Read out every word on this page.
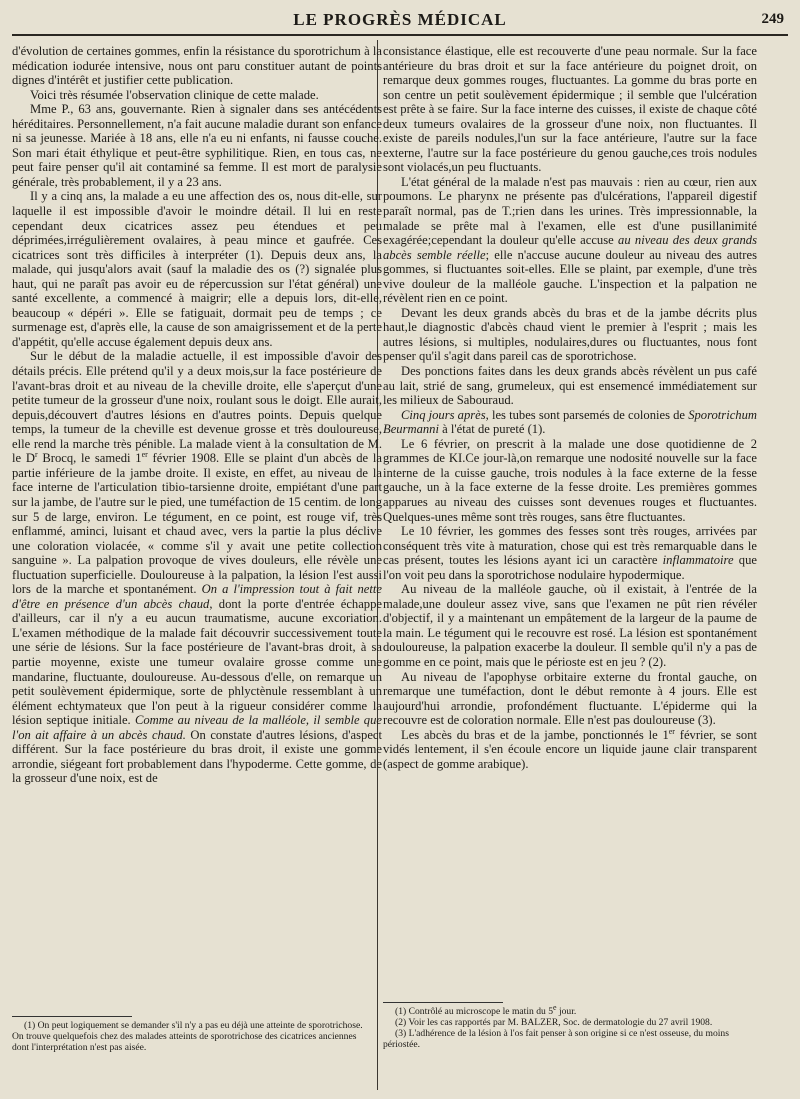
LE PROGRÈS MÉDICAL	249

d'évolution de certaines gommes, enfin la résistance du sporotrichum à la médication iodurée intensive, nous ont paru constituer autant de points dignes d'intérêt et justifier cette publication.

Voici très résumée l'observation clinique de cette malade.

Mme P., 63 ans, gouvernante. Rien à signaler dans ses antécédents héréditaires. Personnellement, n'a fait aucune maladie durant son enfance ni sa jeunesse. Mariée à 18 ans, elle n'a eu ni enfants, ni fausse couche. Son mari était éthylique et peut-être syphilitique. Rien, en tous cas, ne peut faire penser qu'il ait contaminé sa femme. Il est mort de paralysie générale, très probablement, il y a 23 ans.

Il y a cinq ans, la malade a eu une affection des os, nous dit-elle, sur laquelle il est impossible d'avoir le moindre détail. Il lui en reste cependant deux cicatrices assez peu étendues et peu déprimées,irrégulièrement ovalaires, à peau mince et gaufrée. Ces cicatrices sont très difficiles à interpréter (1). Depuis deux ans, la malade, qui jusqu'alors avait (sauf la maladie des os (?) signalée plus haut, qui ne paraît pas avoir eu de répercussion sur l'état général) une santé excellente, a commencé à maigrir; elle a depuis lors, dit-elle, beaucoup « dépéri ». Elle se fatiguait, dormait peu de temps ; ce surmenage est, d'après elle, la cause de son amaigrissement et de la perte d'appétit, qu'elle accuse également depuis deux ans.

Sur le début de la maladie actuelle, il est impossible d'avoir des détails précis. Elle prétend qu'il y a deux mois,sur la face postérieure de l'avant-bras droit et au niveau de la cheville droite, elle s'aperçut d'une petite tumeur de la grosseur d'une noix, roulant sous le doigt. Elle aurait, depuis,découvert d'autres lésions en d'autres points. Depuis quelque temps, la tumeur de la cheville est devenue grosse et très douloureuse, elle rend la marche très pénible. La malade vient à la consultation de M. le $D^r$ Brocq, le samedi 1er février 1908. Elle se plaint d'un abcès de la partie inférieure de la jambe droite. Il existe, en effet, au niveau de la face interne de l'articulation tibio-tarsienne droite, empiétant d'une part sur la jambe, de l'autre sur le pied, une tuméfaction de 15 centim. de long sur 5 de large, environ. Le tégument, en ce point, est rouge vif, très enflammé, aminci, luisant et chaud avec, vers la partie la plus déclive une coloration violacée, « comme s'il y avait une petite collection sanguine ». La palpation provoque de vives douleurs, elle révèle une fluctuation superficielle. Douloureuse à la palpation, la lésion l'est aussi lors de la marche et spontanément. On a l'impression tout à fait nette d'être en présence d'un abcès chaud, dont la porte d'entrée échappe d'ailleurs, car il n'y a eu aucun traumatisme, aucune excoriation. L'examen méthodique de la malade fait découvrir successivement toute une série de lésions. Sur la face postérieure de l'avant-bras droit, à sa partie moyenne, existe une tumeur ovalaire grosse comme une mandarine, fluctuante, douloureuse. Au-dessous d'elle, on remarque un petit soulèvement épidermique, sorte de phlyctènule ressemblant à un élément echtymateux que l'on peut à la rigueur considérer comme la lésion septique initiale. Comme au niveau de la malléole, il semble que l'on ait affaire à un abcès chaud. On constate d'autres lésions, d'aspect différent. Sur la face postérieure du bras droit, il existe une gomme arrondie, siégeant fort probablement dans l'hypoderme. Cette gomme, de la grosseur d'une noix, est de

(1) On peut logiquement se demander s'il n'y a pas eu déjà une atteinte de sporotrichose. On trouve quelquefois chez des malades atteints de sporotrichose des cicatrices anciennes dont l'interprétation n'est pas aisée.

consistance élastique, elle est recouverte d'une peau normale. Sur la face antérieure du bras droit et sur la face antérieure du poignet droit, on remarque deux gommes rouges, fluctuantes. La gomme du bras porte en son centre un petit soulèvement épidermique ; il semble que l'ulcération est prête à se faire. Sur la face interne des cuisses, il existe de chaque côté deux tumeurs ovalaires de la grosseur d'une noix, non fluctuantes. Il existe de pareils nodules,l'un sur la face antérieure, l'autre sur la face externe, l'autre sur la face postérieure du genou gauche,ces trois nodules sont violacés,un peu fluctuants.

L'état général de la malade n'est pas mauvais : rien au cœur, rien aux poumons. Le pharynx ne présente pas d'ulcérations, l'appareil digestif paraît normal, pas de T.;rien dans les urines. Très impressionnable, la malade se prête mal à l'examen, elle est d'une pusillanimité exagérée;cependant la douleur qu'elle accuse au niveau des deux grands abcès semble réelle; elle n'accuse aucune douleur au niveau des autres gommes, si fluctuantes soit-elles. Elle se plaint, par exemple, d'une très vive douleur de la malléole gauche. L'inspection et la palpation ne révèlent rien en ce point.

Devant les deux grands abcès du bras et de la jambe décrits plus haut,le diagnostic d'abcès chaud vient le premier à l'esprit ; mais les autres lésions, si multiples, nodulaires,dures ou fluctuantes, nous font penser qu'il s'agit dans pareil cas de sporotrichose.

Des ponctions faites dans les deux grands abcès révèlent un pus café au lait, strié de sang, grumeleux, qui est ensemencé immédiatement sur les milieux de Sabouraud.

Cinq jours après, les tubes sont parsemés de colonies de Sporotrichum Beurmanni à l'état de pureté (1).

Le 6 février, on prescrit à la malade une dose quotidienne de 2 grammes de KI.Ce jour-là,on remarque une nodosité nouvelle sur la face interne de la cuisse gauche, trois nodules à la face externe de la fesse gauche, un à la face externe de la fesse droite. Les premières gommes apparues au niveau des cuisses sont devenues rouges et fluctuantes. Quelques-unes même sont très rouges, sans être fluctuantes.

Le 10 février, les gommes des fesses sont très rouges, arrivées par conséquent très vite à maturation, chose qui est très remarquable dans le cas présent, toutes les lésions ayant ici un caractère inflammatoire que l'on voit peu dans la sporotrichose nodulaire hypodermique.

Au niveau de la malléole gauche, où il existait, à l'entrée de la malade,une douleur assez vive, sans que l'examen ne pût rien révéler d'objectif, il y a maintenant un empâtement de la largeur de la paume de la main. Le tégument qui le recouvre est rosé. La lésion est spontanément douloureuse, la palpation exacerbe la douleur. Il semble qu'il n'y a pas de gomme en ce point, mais que le périoste est en jeu ? (2).

Au niveau de l'apophyse orbitaire externe du frontal gauche, on remarque une tuméfaction, dont le début remonte à 4 jours. Elle est aujourd'hui arrondie, profondément fluctuante. L'épiderme qui la recouvre est de coloration normale. Elle n'est pas douloureuse (3).

Les abcès du bras et de la jambe, ponctionnés le 1er février, se sont vidés lentement, il s'en écoule encore un liquide jaune clair transparent (aspect de gomme arabique).

(1) Contrôlé au microscope le matin du 5e jour.

(2) Voir les cas rapportés par M. BALZER, Soc. de dermatologie du 27 avril 1908.

(3) L'adhérence de la lésion à l'os fait penser à son origine si ce n'est osseuse, du moins périostée.
